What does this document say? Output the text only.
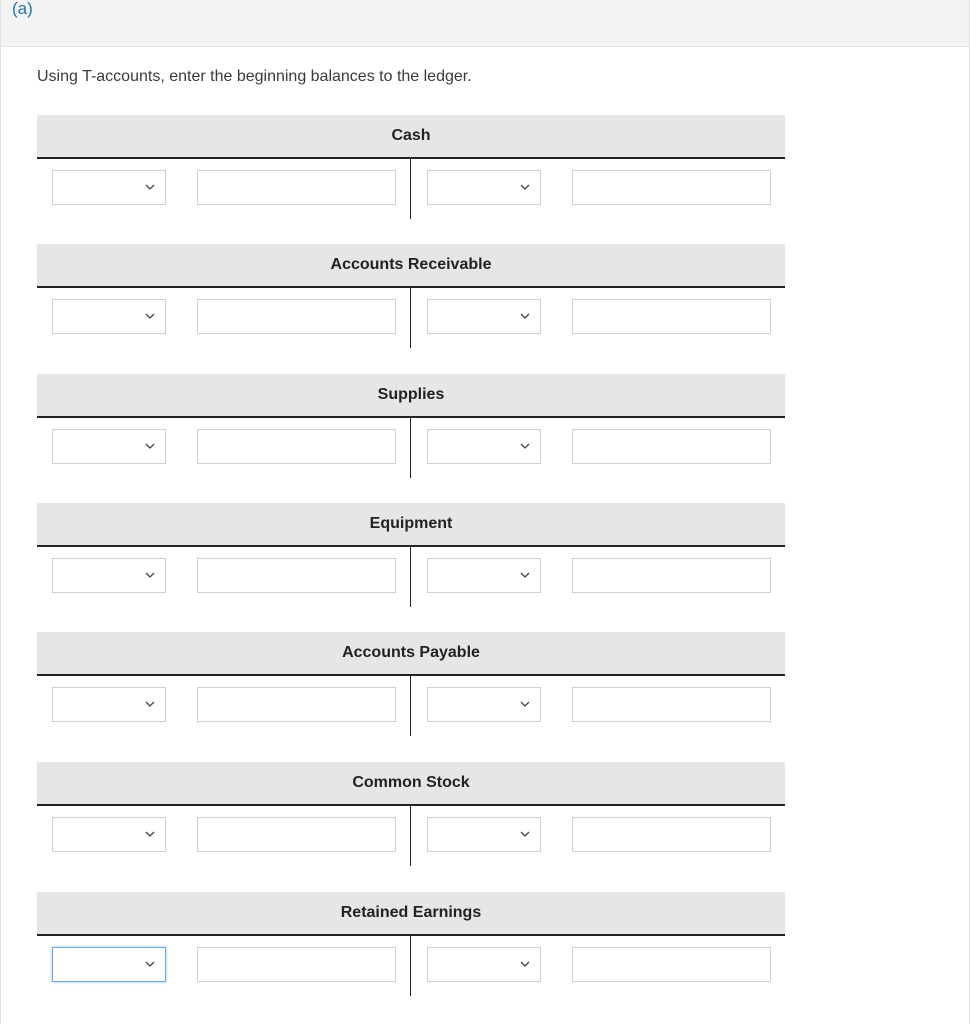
(a)
Using T-accounts, enter the beginning balances to the ledger.
Cash
Accounts Receivable
Supplies
Equipment
Accounts Payable
Common Stock
Retained Earnings
